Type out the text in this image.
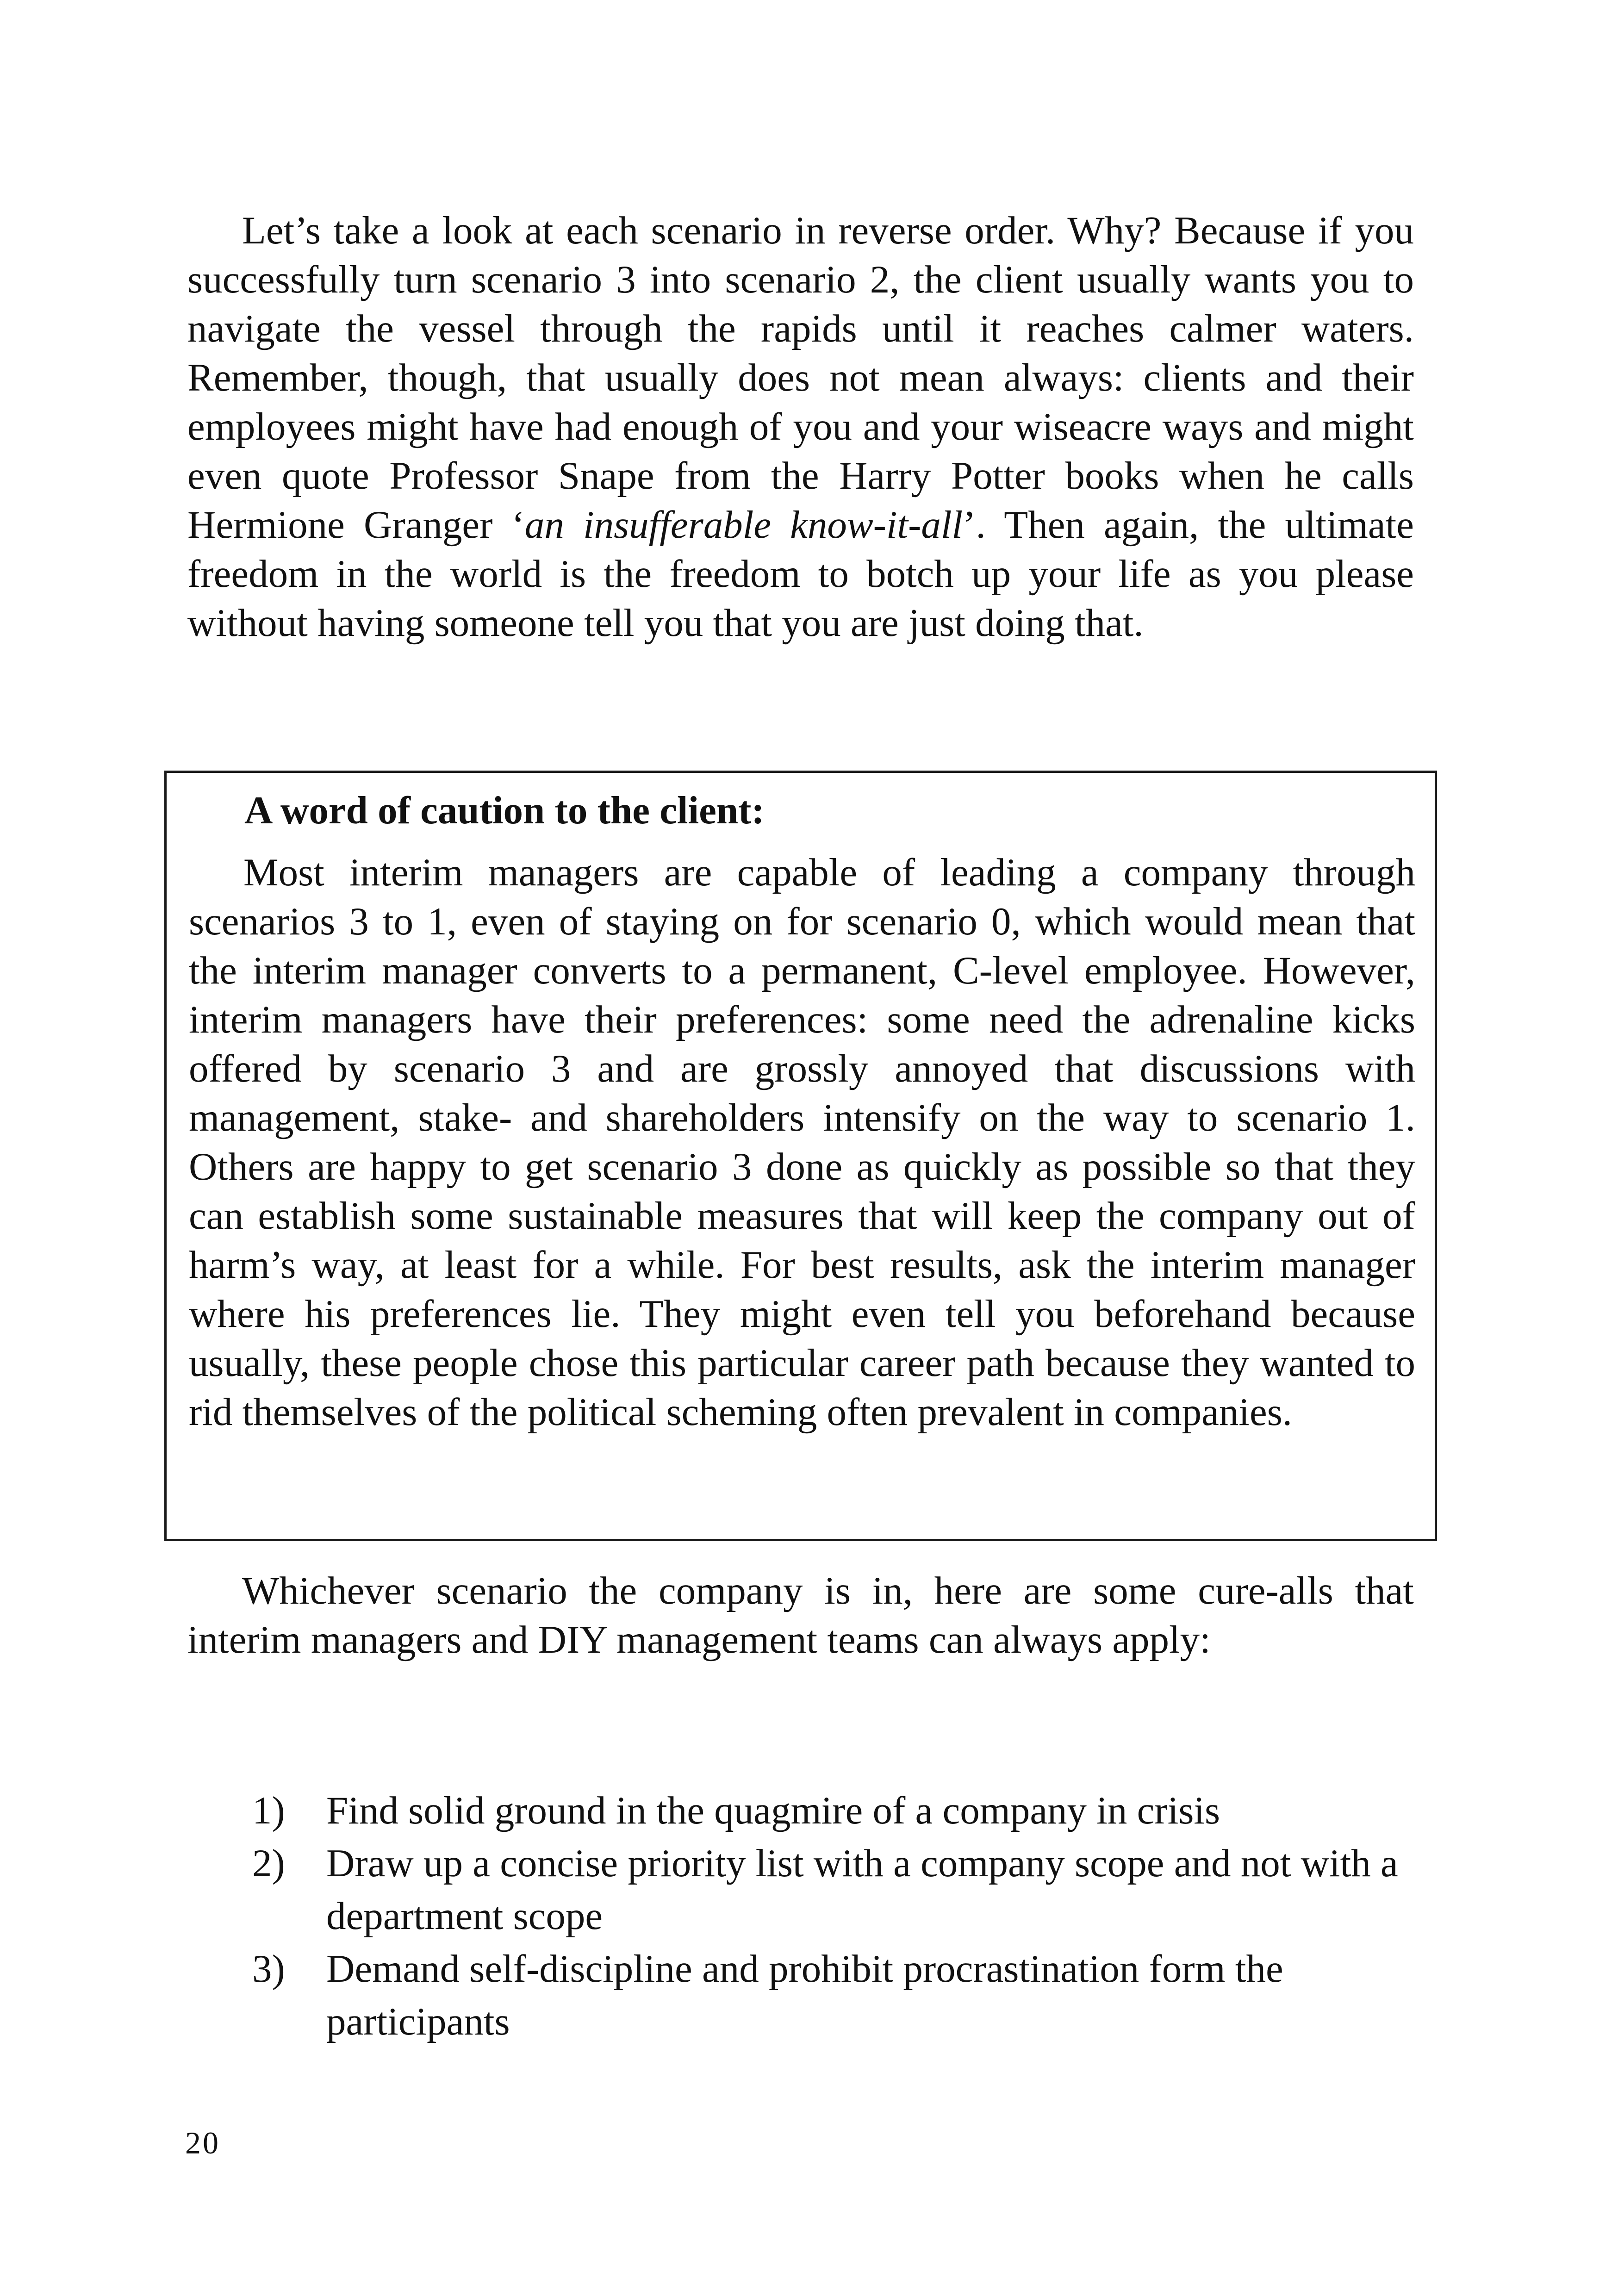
Let’s take a look at each scenario in reverse order. Why? Because if you successfully turn scenario 3 into scenario 2, the client usually wants you to navigate the vessel through the rapids until it reaches calmer waters. Remember, though, that usually does not mean always: clients and their employees might have had enough of you and your wiseacre ways and might even quote Professor Snape from the Harry Potter books when he calls Hermione Granger ‘an insufferable know-it-all’. Then again, the ultimate freedom in the world is the freedom to botch up your life as you please without having someone tell you that you are just doing that.

A word of caution to the client:

Most interim managers are capable of leading a company through scenarios 3 to 1, even of staying on for scenario 0, which would mean that the interim manager converts to a permanent, C-level employee. However, interim managers have their preferences: some need the adrenaline kicks offered by scenario 3 and are grossly annoyed that discussions with management, stake- and shareholders intensify on the way to scenario 1. Others are happy to get scenario 3 done as quickly as possible so that they can establish some sustainable measures that will keep the company out of harm’s way, at least for a while. For best results, ask the interim manager where his preferences lie. They might even tell you beforehand because usually, these people chose this particular career path because they wanted to rid themselves of the political scheming often prevalent in companies.

Whichever scenario the company is in, here are some cure-alls that interim managers and DIY management teams can always apply:

1) Find solid ground in the quagmire of a company in crisis
2) Draw up a concise priority list with a company scope and not with a department scope
3) Demand self-discipline and prohibit procrastination form the participants

20
